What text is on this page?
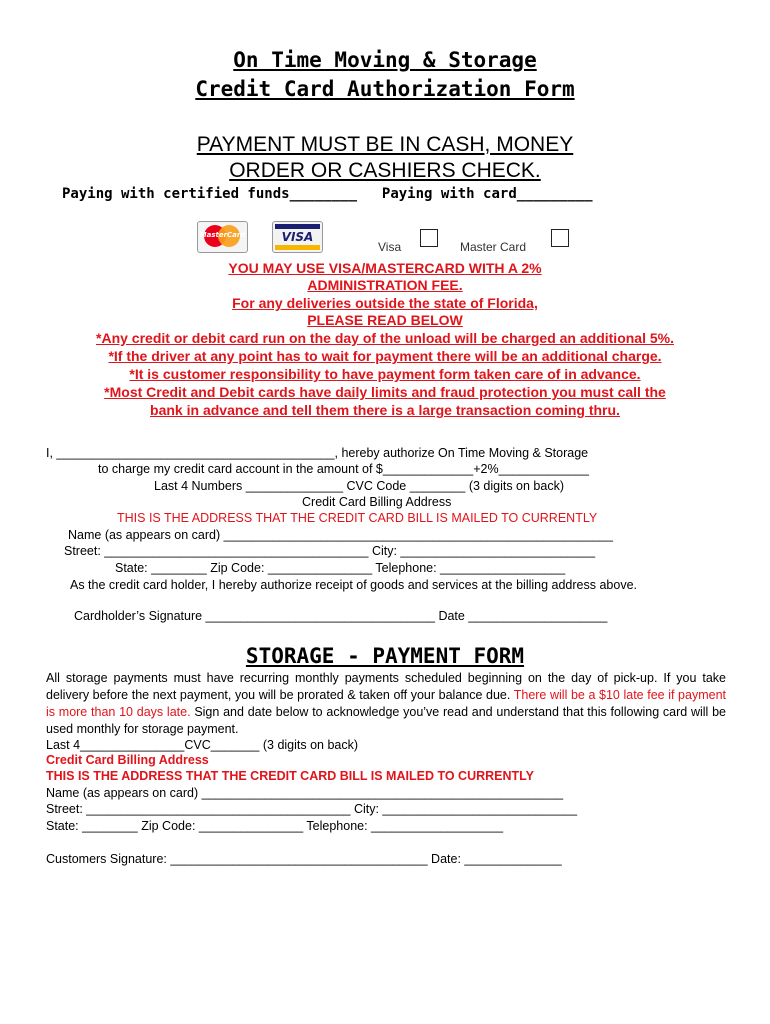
On Time Moving & Storage
Credit Card Authorization Form
PAYMENT MUST BE IN CASH, MONEY
ORDER OR CASHIERS CHECK.
Paying with certified funds________ Paying with card_________
MasterCard	VISA
Visa	Master Card
YOU MAY USE VISA/MASTERCARD WITH A 2%
ADMINISTRATION FEE.
For any deliveries outside the state of Florida,
PLEASE READ BELOW
*Any credit or debit card run on the day of the unload will be charged an additional 5%.
*If the driver at any point has to wait for payment there will be an additional charge.
*It is customer responsibility to have payment form taken care of in advance.
*Most Credit and Debit cards have daily limits and fraud protection you must call the
bank in advance and tell them there is a large transaction coming thru.
I, ________________________________________, hereby authorize On Time Moving & Storage
to charge my credit card account in the amount of $_____________+2%_____________
Last 4 Numbers ______________ CVC Code ________ (3 digits on back)
Credit Card Billing Address
THIS IS THE ADDRESS THAT THE CREDIT CARD BILL IS MAILED TO CURRENTLY
Name (as appears on card) ________________________________________________________
Street: ______________________________________ City: ____________________________
State: ________ Zip Code: _______________ Telephone: __________________
As the credit card holder, I hereby authorize receipt of goods and services at the billing address above.
Cardholder’s Signature _________________________________ Date ____________________
STORAGE - PAYMENT FORM
All storage payments must have recurring monthly payments scheduled beginning on the day of pick-up. If you take delivery before the next payment, you will be prorated & taken off your balance due. There will be a $10 late fee if payment is more than 10 days late. Sign and date below to acknowledge you’ve read and understand that this following card will be used monthly for storage payment.
Last 4_______________CVC_______ (3 digits on back)
Credit Card Billing Address
THIS IS THE ADDRESS THAT THE CREDIT CARD BILL IS MAILED TO CURRENTLY
Name (as appears on card) ____________________________________________________
Street: ______________________________________ City: ____________________________
State: ________ Zip Code: _______________ Telephone: ___________________
Customers Signature: _____________________________________ Date: ______________
